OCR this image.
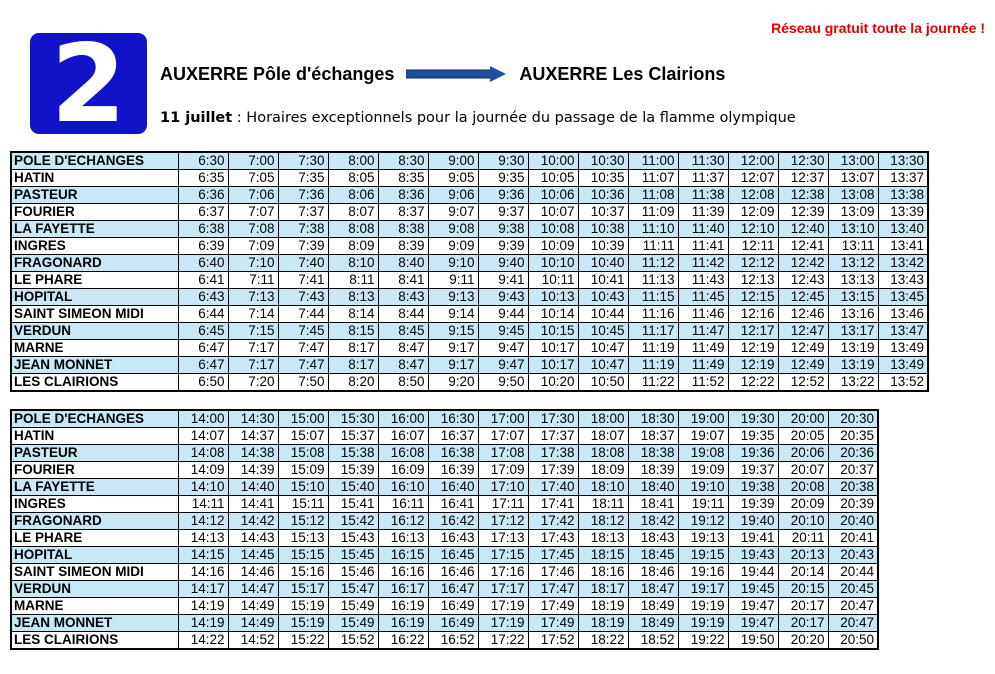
Réseau gratuit toute la journée !
2	AUXERRE Pôle d'échanges	AUXERRE Les Clairions
11 juillet : Horaires exceptionnels pour la journée du passage de la flamme olympique
POLE D'ECHANGES	6:30	7:00	7:30	8:00	8:30	9:00	9:30	10:00	10:30	11:00	11:30	12:00	12:30	13:00	13:30
HATIN	6:35	7:05	7:35	8:05	8:35	9:05	9:35	10:05	10:35	11:07	11:37	12:07	12:37	13:07	13:37
PASTEUR	6:36	7:06	7:36	8:06	8:36	9:06	9:36	10:06	10:36	11:08	11:38	12:08	12:38	13:08	13:38
FOURIER	6:37	7:07	7:37	8:07	8:37	9:07	9:37	10:07	10:37	11:09	11:39	12:09	12:39	13:09	13:39
LA FAYETTE	6:38	7:08	7:38	8:08	8:38	9:08	9:38	10:08	10:38	11:10	11:40	12:10	12:40	13:10	13:40
INGRES	6:39	7:09	7:39	8:09	8:39	9:09	9:39	10:09	10:39	11:11	11:41	12:11	12:41	13:11	13:41
FRAGONARD	6:40	7:10	7:40	8:10	8:40	9:10	9:40	10:10	10:40	11:12	11:42	12:12	12:42	13:12	13:42
LE PHARE	6:41	7:11	7:41	8:11	8:41	9:11	9:41	10:11	10:41	11:13	11:43	12:13	12:43	13:13	13:43
HOPITAL	6:43	7:13	7:43	8:13	8:43	9:13	9:43	10:13	10:43	11:15	11:45	12:15	12:45	13:15	13:45
SAINT SIMEON MIDI	6:44	7:14	7:44	8:14	8:44	9:14	9:44	10:14	10:44	11:16	11:46	12:16	12:46	13:16	13:46
VERDUN	6:45	7:15	7:45	8:15	8:45	9:15	9:45	10:15	10:45	11:17	11:47	12:17	12:47	13:17	13:47
MARNE	6:47	7:17	7:47	8:17	8:47	9:17	9:47	10:17	10:47	11:19	11:49	12:19	12:49	13:19	13:49
JEAN MONNET	6:47	7:17	7:47	8:17	8:47	9:17	9:47	10:17	10:47	11:19	11:49	12:19	12:49	13:19	13:49
LES CLAIRIONS	6:50	7:20	7:50	8:20	8:50	9:20	9:50	10:20	10:50	11:22	11:52	12:22	12:52	13:22	13:52
POLE D'ECHANGES	14:00	14:30	15:00	15:30	16:00	16:30	17:00	17:30	18:00	18:30	19:00	19:30	20:00	20:30
HATIN	14:07	14:37	15:07	15:37	16:07	16:37	17:07	17:37	18:07	18:37	19:07	19:35	20:05	20:35
PASTEUR	14:08	14:38	15:08	15:38	16:08	16:38	17:08	17:38	18:08	18:38	19:08	19:36	20:06	20:36
FOURIER	14:09	14:39	15:09	15:39	16:09	16:39	17:09	17:39	18:09	18:39	19:09	19:37	20:07	20:37
LA FAYETTE	14:10	14:40	15:10	15:40	16:10	16:40	17:10	17:40	18:10	18:40	19:10	19:38	20:08	20:38
INGRES	14:11	14:41	15:11	15:41	16:11	16:41	17:11	17:41	18:11	18:41	19:11	19:39	20:09	20:39
FRAGONARD	14:12	14:42	15:12	15:42	16:12	16:42	17:12	17:42	18:12	18:42	19:12	19:40	20:10	20:40
LE PHARE	14:13	14:43	15:13	15:43	16:13	16:43	17:13	17:43	18:13	18:43	19:13	19:41	20:11	20:41
HOPITAL	14:15	14:45	15:15	15:45	16:15	16:45	17:15	17:45	18:15	18:45	19:15	19:43	20:13	20:43
SAINT SIMEON MIDI	14:16	14:46	15:16	15:46	16:16	16:46	17:16	17:46	18:16	18:46	19:16	19:44	20:14	20:44
VERDUN	14:17	14:47	15:17	15:47	16:17	16:47	17:17	17:47	18:17	18:47	19:17	19:45	20:15	20:45
MARNE	14:19	14:49	15:19	15:49	16:19	16:49	17:19	17:49	18:19	18:49	19:19	19:47	20:17	20:47
JEAN MONNET	14:19	14:49	15:19	15:49	16:19	16:49	17:19	17:49	18:19	18:49	19:19	19:47	20:17	20:47
LES CLAIRIONS	14:22	14:52	15:22	15:52	16:22	16:52	17:22	17:52	18:22	18:52	19:22	19:50	20:20	20:50
